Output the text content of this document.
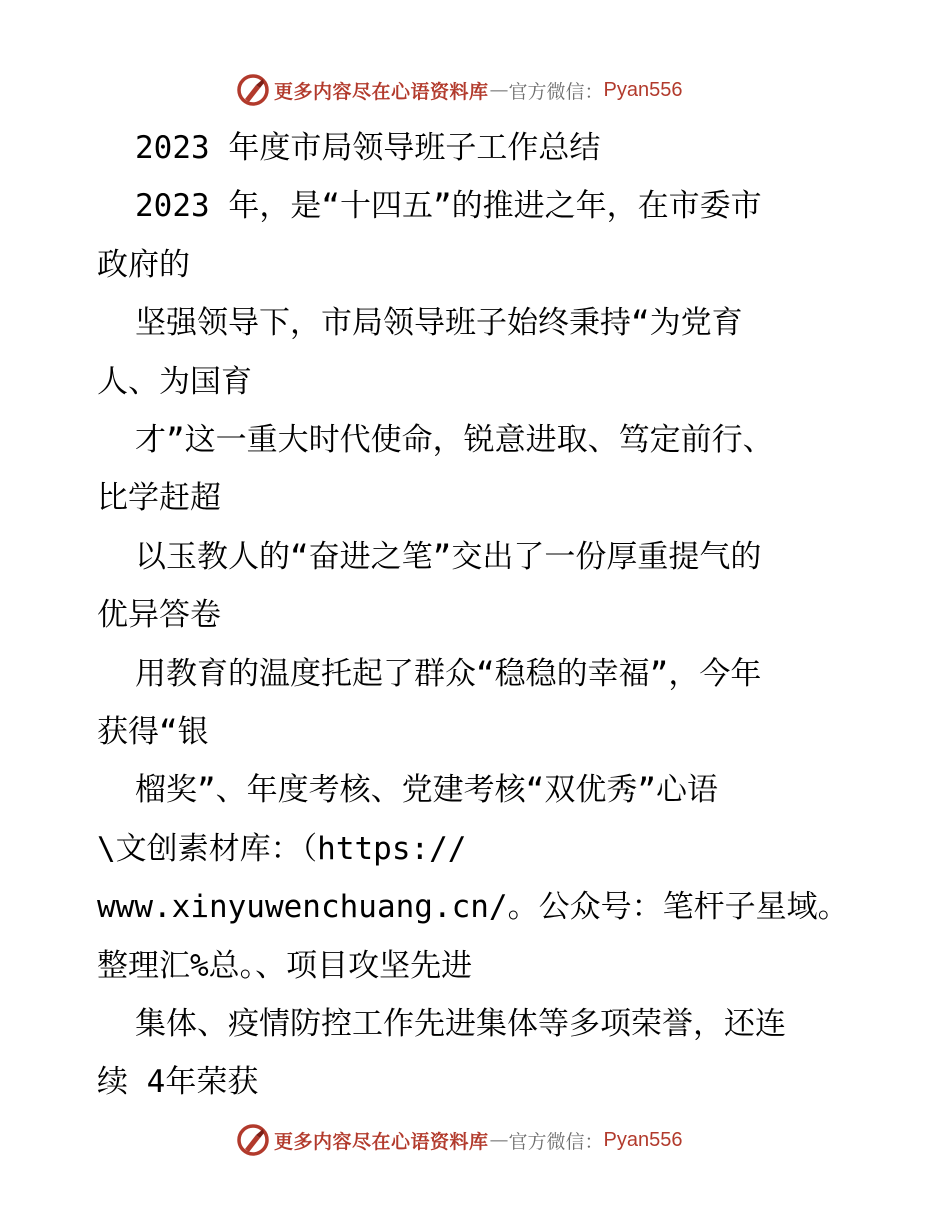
更多内容尽在心语资料库 — 官方微信： Pyan556
2023 年度市局领导班子工作总结
2023 年，是“十四五”的推进之年，在市委市
政府的
坚强领导下，市局领导班子始终秉持“为党育
人、为国育
才”这一重大时代使命，锐意进取、笃定前行、
比学赶超
以玉教人的“奋进之笔”交出了一份厚重提气的
优异答卷
用教育的温度托起了群众“稳稳的幸福”，今年
获得“银
榴奖”、年度考核、党建考核“双优秀”心语
\文创素材库：（https://
www.xinyuwenchuang.cn/。公众号：笔杆子星域。
整理汇%总。、项目攻坚先进
集体、疫情防控工作先进集体等多项荣誉，还连
续 4年荣获
更多内容尽在心语资料库 — 官方微信： Pyan556
